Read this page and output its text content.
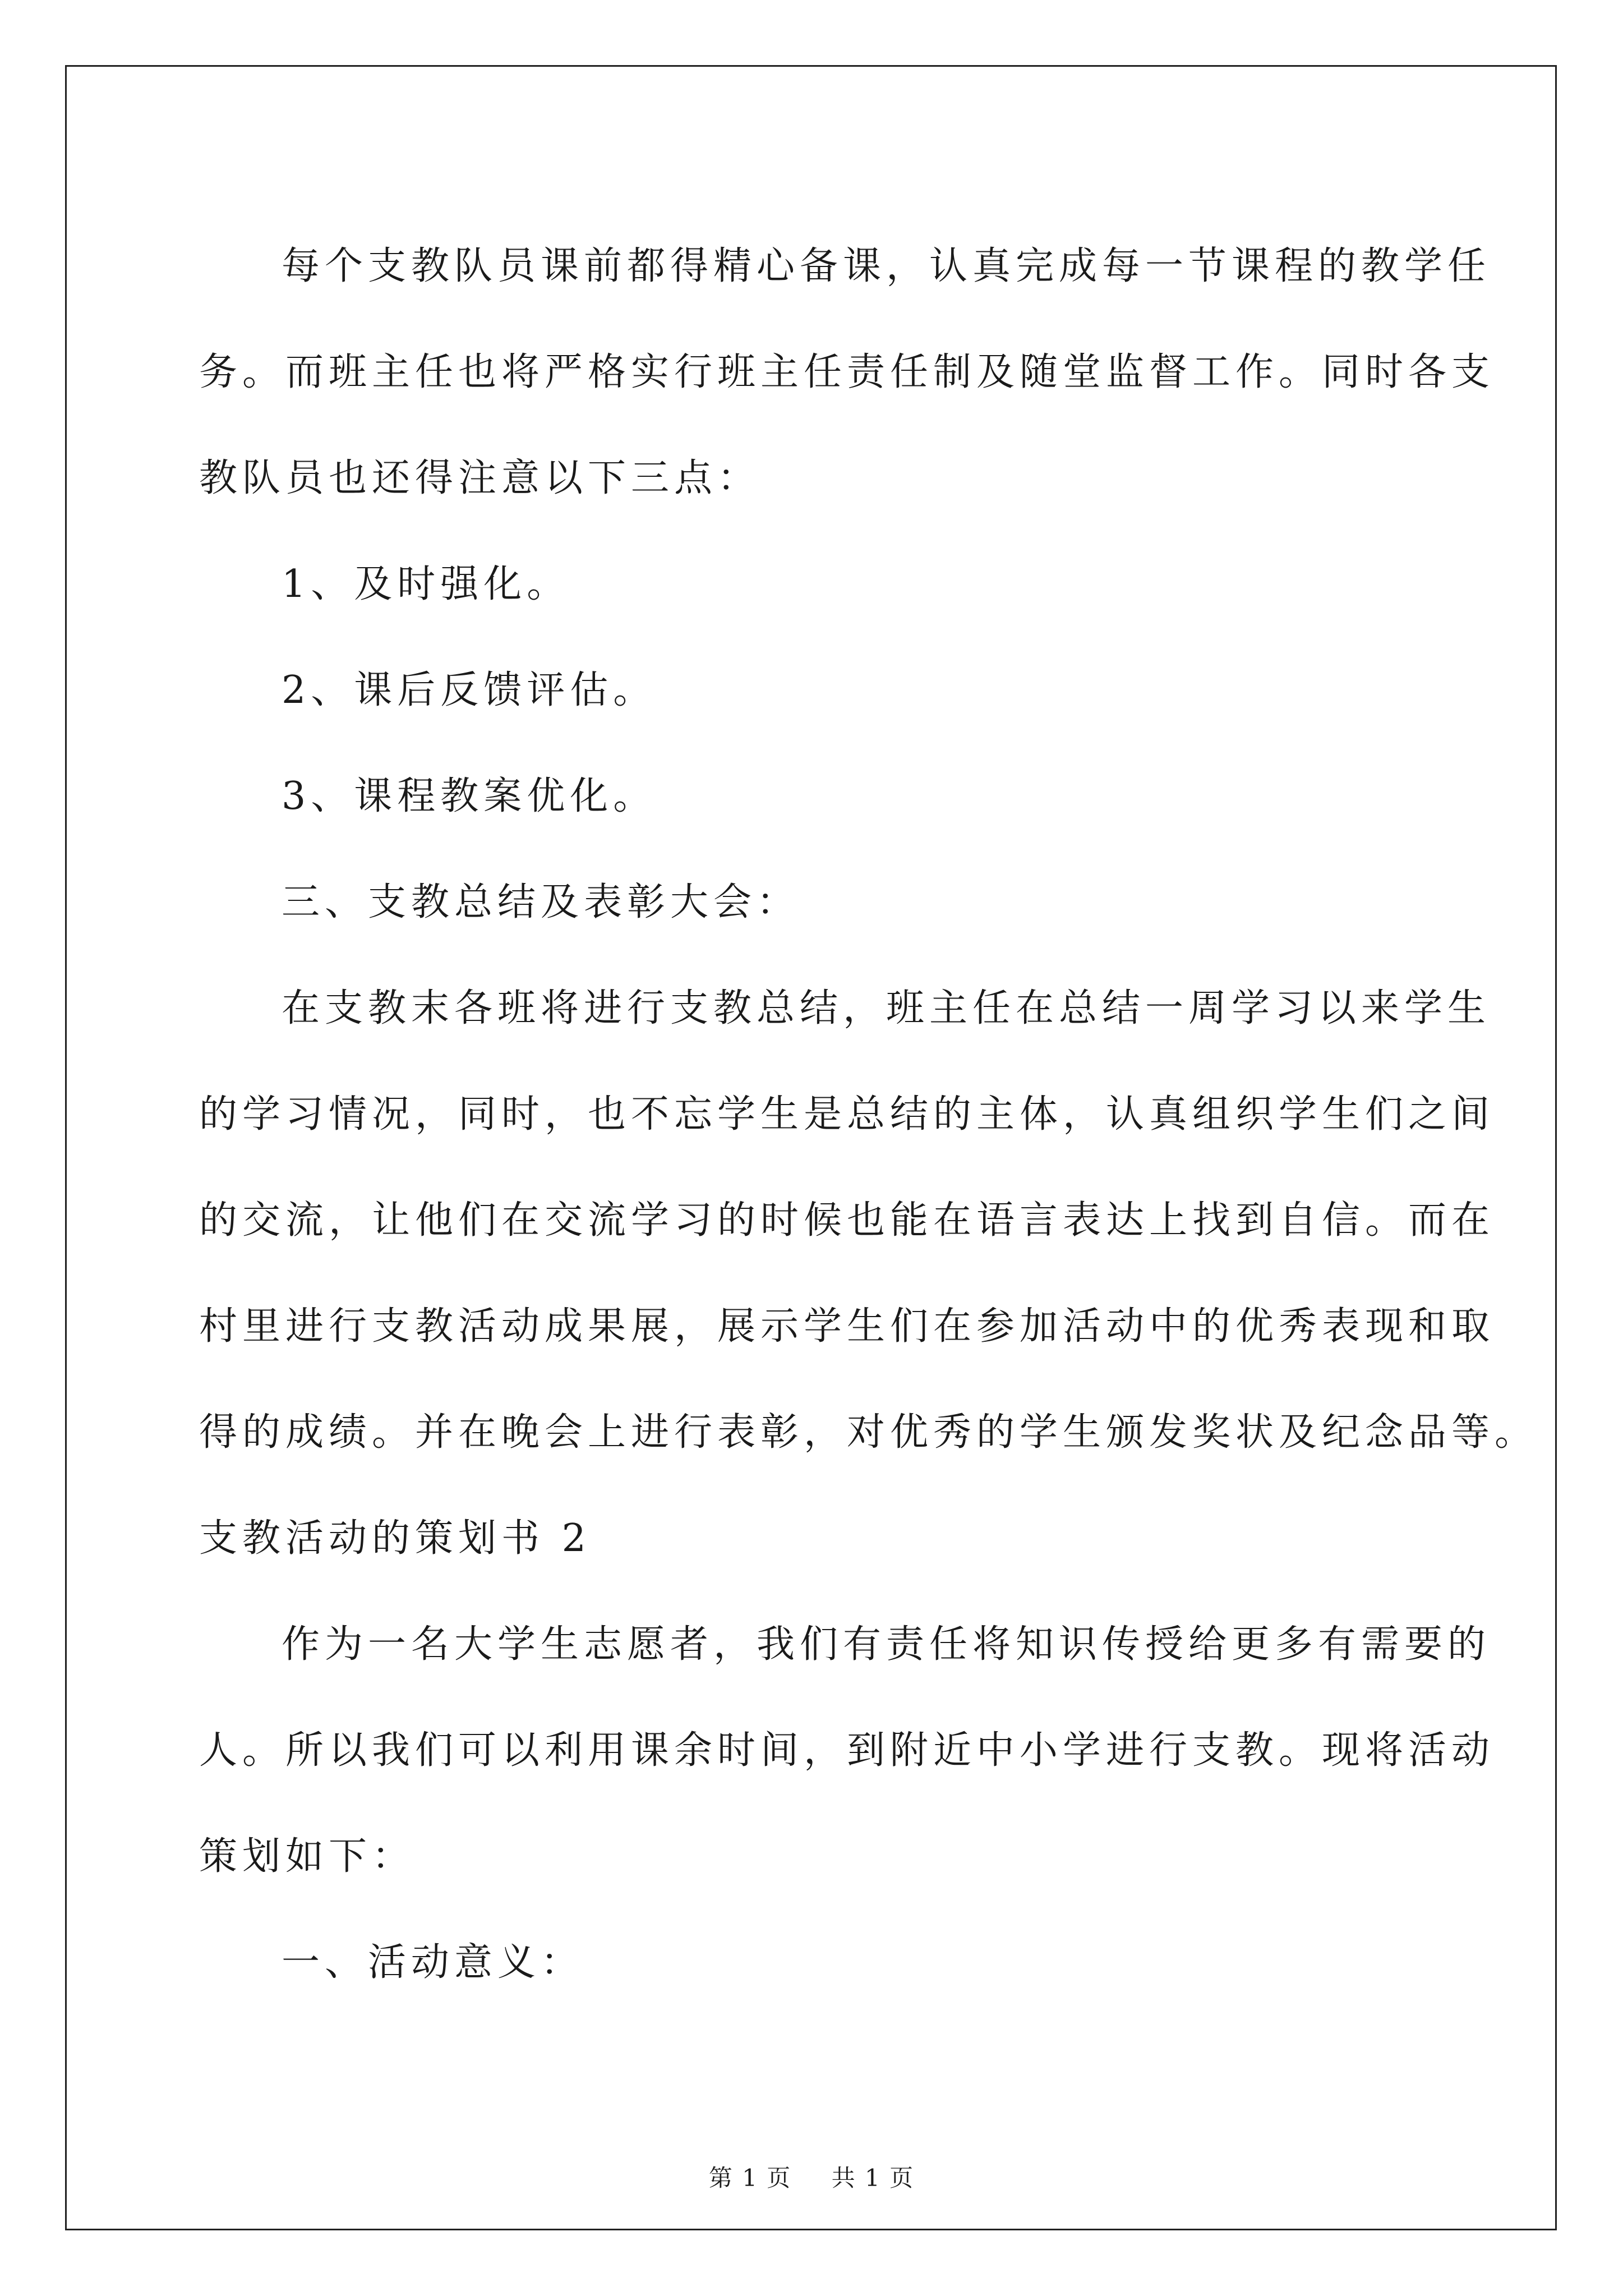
每个支教队员课前都得精心备课，认真完成每一节课程的教学任
务。而班主任也将严格实行班主任责任制及随堂监督工作。同时各支
教队员也还得注意以下三点：
1、及时强化。
2、课后反馈评估。
3、课程教案优化。
三、支教总结及表彰大会：
在支教末各班将进行支教总结，班主任在总结一周学习以来学生
的学习情况，同时，也不忘学生是总结的主体，认真组织学生们之间
的交流，让他们在交流学习的时候也能在语言表达上找到自信。而在
村里进行支教活动成果展，展示学生们在参加活动中的优秀表现和取
得的成绩。并在晚会上进行表彰，对优秀的学生颁发奖状及纪念品等。
支教活动的策划书 2
作为一名大学生志愿者，我们有责任将知识传授给更多有需要的
人。所以我们可以利用课余时间，到附近中小学进行支教。现将活动
策划如下：
一、活动意义：
第 1 页 共 1 页
